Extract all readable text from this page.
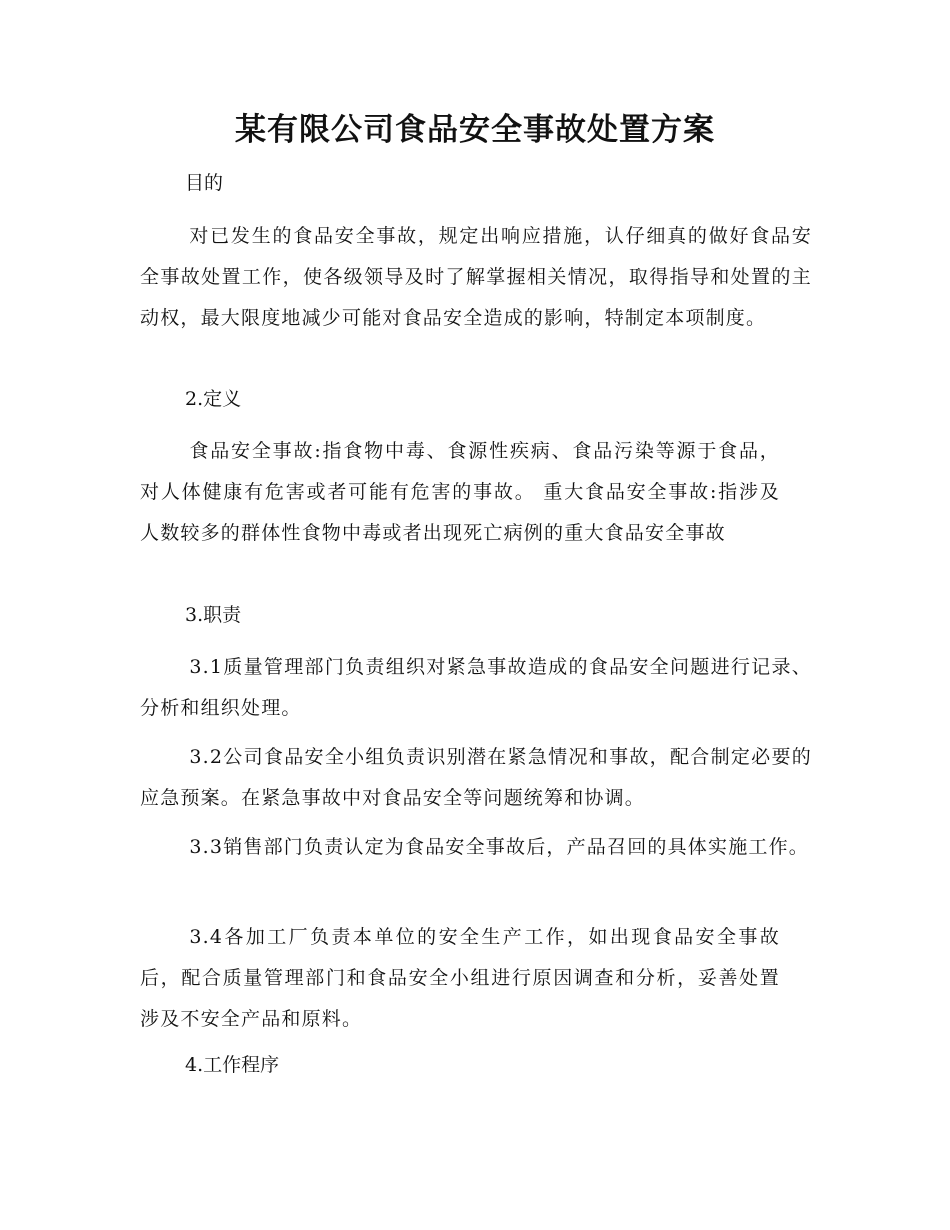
某有限公司食品安全事故处置方案

目的

对已发生的食品安全事故，规定出响应措施，认仔细真的做好食品安全事故处置工作，使各级领导及时了解掌握相关情况，取得指导和处置的主动权，最大限度地减少可能对食品安全造成的影响，特制定本项制度。

2.定义

食品安全事故:指食物中毒、食源性疾病、食品污染等源于食品，对人体健康有危害或者可能有危害的事故。 重大食品安全事故:指涉及人数较多的群体性食物中毒或者出现死亡病例的重大食品安全事故

3.职责

3.1质量管理部门负责组织对紧急事故造成的食品安全问题进行记录、分析和组织处理。

3.2公司食品安全小组负责识别潜在紧急情况和事故，配合制定必要的应急预案。在紧急事故中对食品安全等问题统筹和协调。

3.3销售部门负责认定为食品安全事故后，产品召回的具体实施工作。

3.4各加工厂负责本单位的安全生产工作，如出现食品安全事故后，配合质量管理部门和食品安全小组进行原因调查和分析，妥善处置涉及不安全产品和原料。

4.工作程序
